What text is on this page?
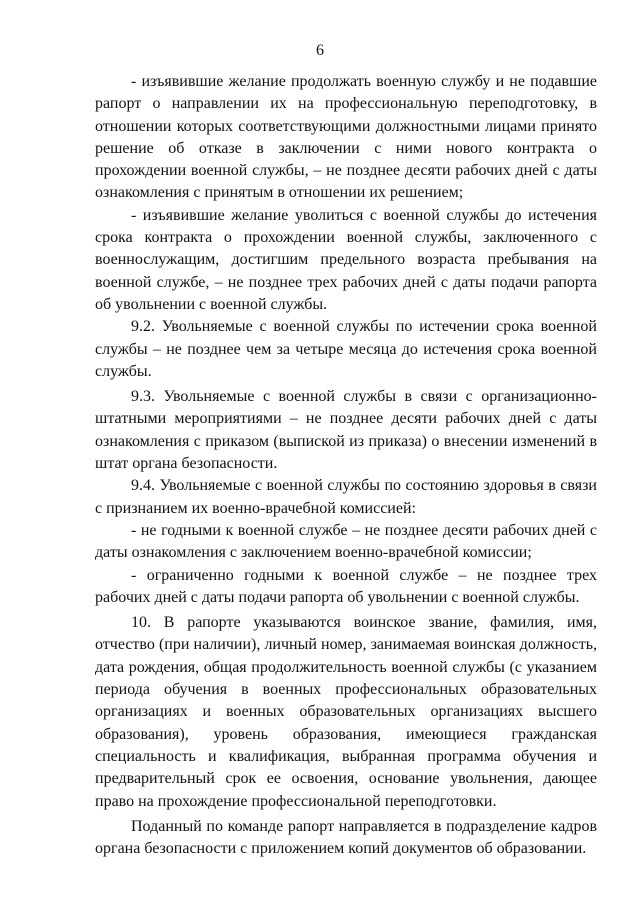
6

- изъявившие желание продолжать военную службу и не подавшие рапорт о направлении их на профессиональную переподготовку, в отношении которых соответствующими должностными лицами принято решение об отказе в заключении с ними нового контракта о прохождении военной службы, – не позднее десяти рабочих дней с даты ознакомления с принятым в отношении их решением;

- изъявившие желание уволиться с военной службы до истечения срока контракта о прохождении военной службы, заключенного с военнослужащим, достигшим предельного возраста пребывания на военной службе, – не позднее трех рабочих дней с даты подачи рапорта об увольнении с военной службы.

9.2. Увольняемые с военной службы по истечении срока военной службы – не позднее чем за четыре месяца до истечения срока военной службы.

9.3. Увольняемые с военной службы в связи с организационно-штатными мероприятиями – не позднее десяти рабочих дней с даты ознакомления с приказом (выпиской из приказа) о внесении изменений в штат органа безопасности.

9.4. Увольняемые с военной службы по состоянию здоровья в связи с признанием их военно-врачебной комиссией:

- не годными к военной службе – не позднее десяти рабочих дней с даты ознакомления с заключением военно-врачебной комиссии;

- ограниченно годными к военной службе – не позднее трех рабочих дней с даты подачи рапорта об увольнении с военной службы.

10. В рапорте указываются воинское звание, фамилия, имя, отчество (при наличии), личный номер, занимаемая воинская должность, дата рождения, общая продолжительность военной службы (с указанием периода обучения в военных профессиональных образовательных организациях и военных образовательных организациях высшего образования), уровень образования, имеющиеся гражданская специальность и квалификация, выбранная программа обучения и предварительный срок ее освоения, основание увольнения, дающее право на прохождение профессиональной переподготовки.

Поданный по команде рапорт направляется в подразделение кадров органа безопасности с приложением копий документов об образовании.
